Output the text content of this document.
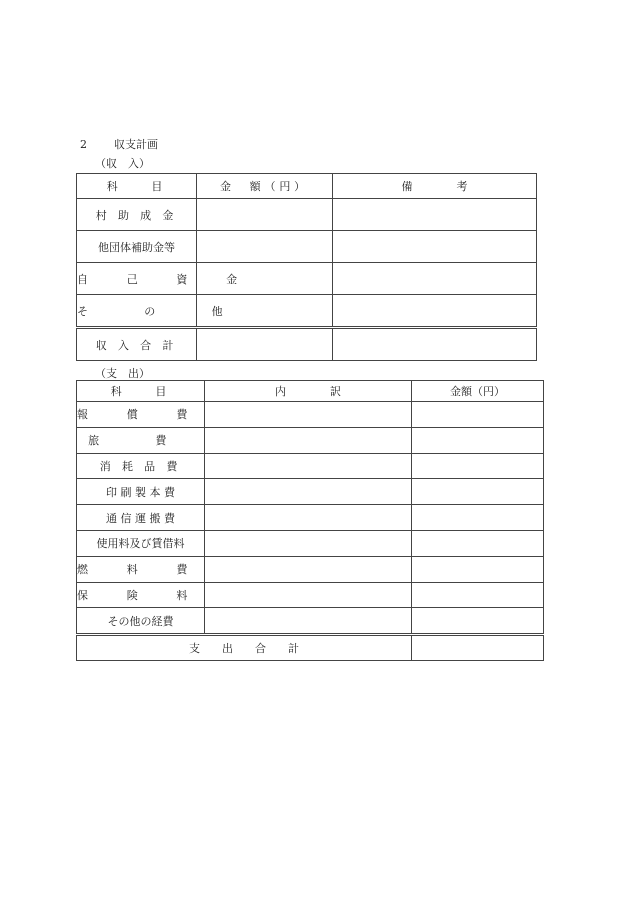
2 収支計画
（収　入）
科　　目	金　額（円）	備　　　　考
村 助 成 金		
他団体補助金等		
自 己 資 金		
そ の 他		
収 入 合 計		
（支　出）
科　　目	内　　　　訳	金額（円）
報 償 費		
旅 費		
消 耗 品 費		
印 刷 製 本 費		
通 信 運 搬 費		
使用料及び賃借料		
燃 料 費		
保 険 料		
その他の経費		
支　　出　　合　　計		
